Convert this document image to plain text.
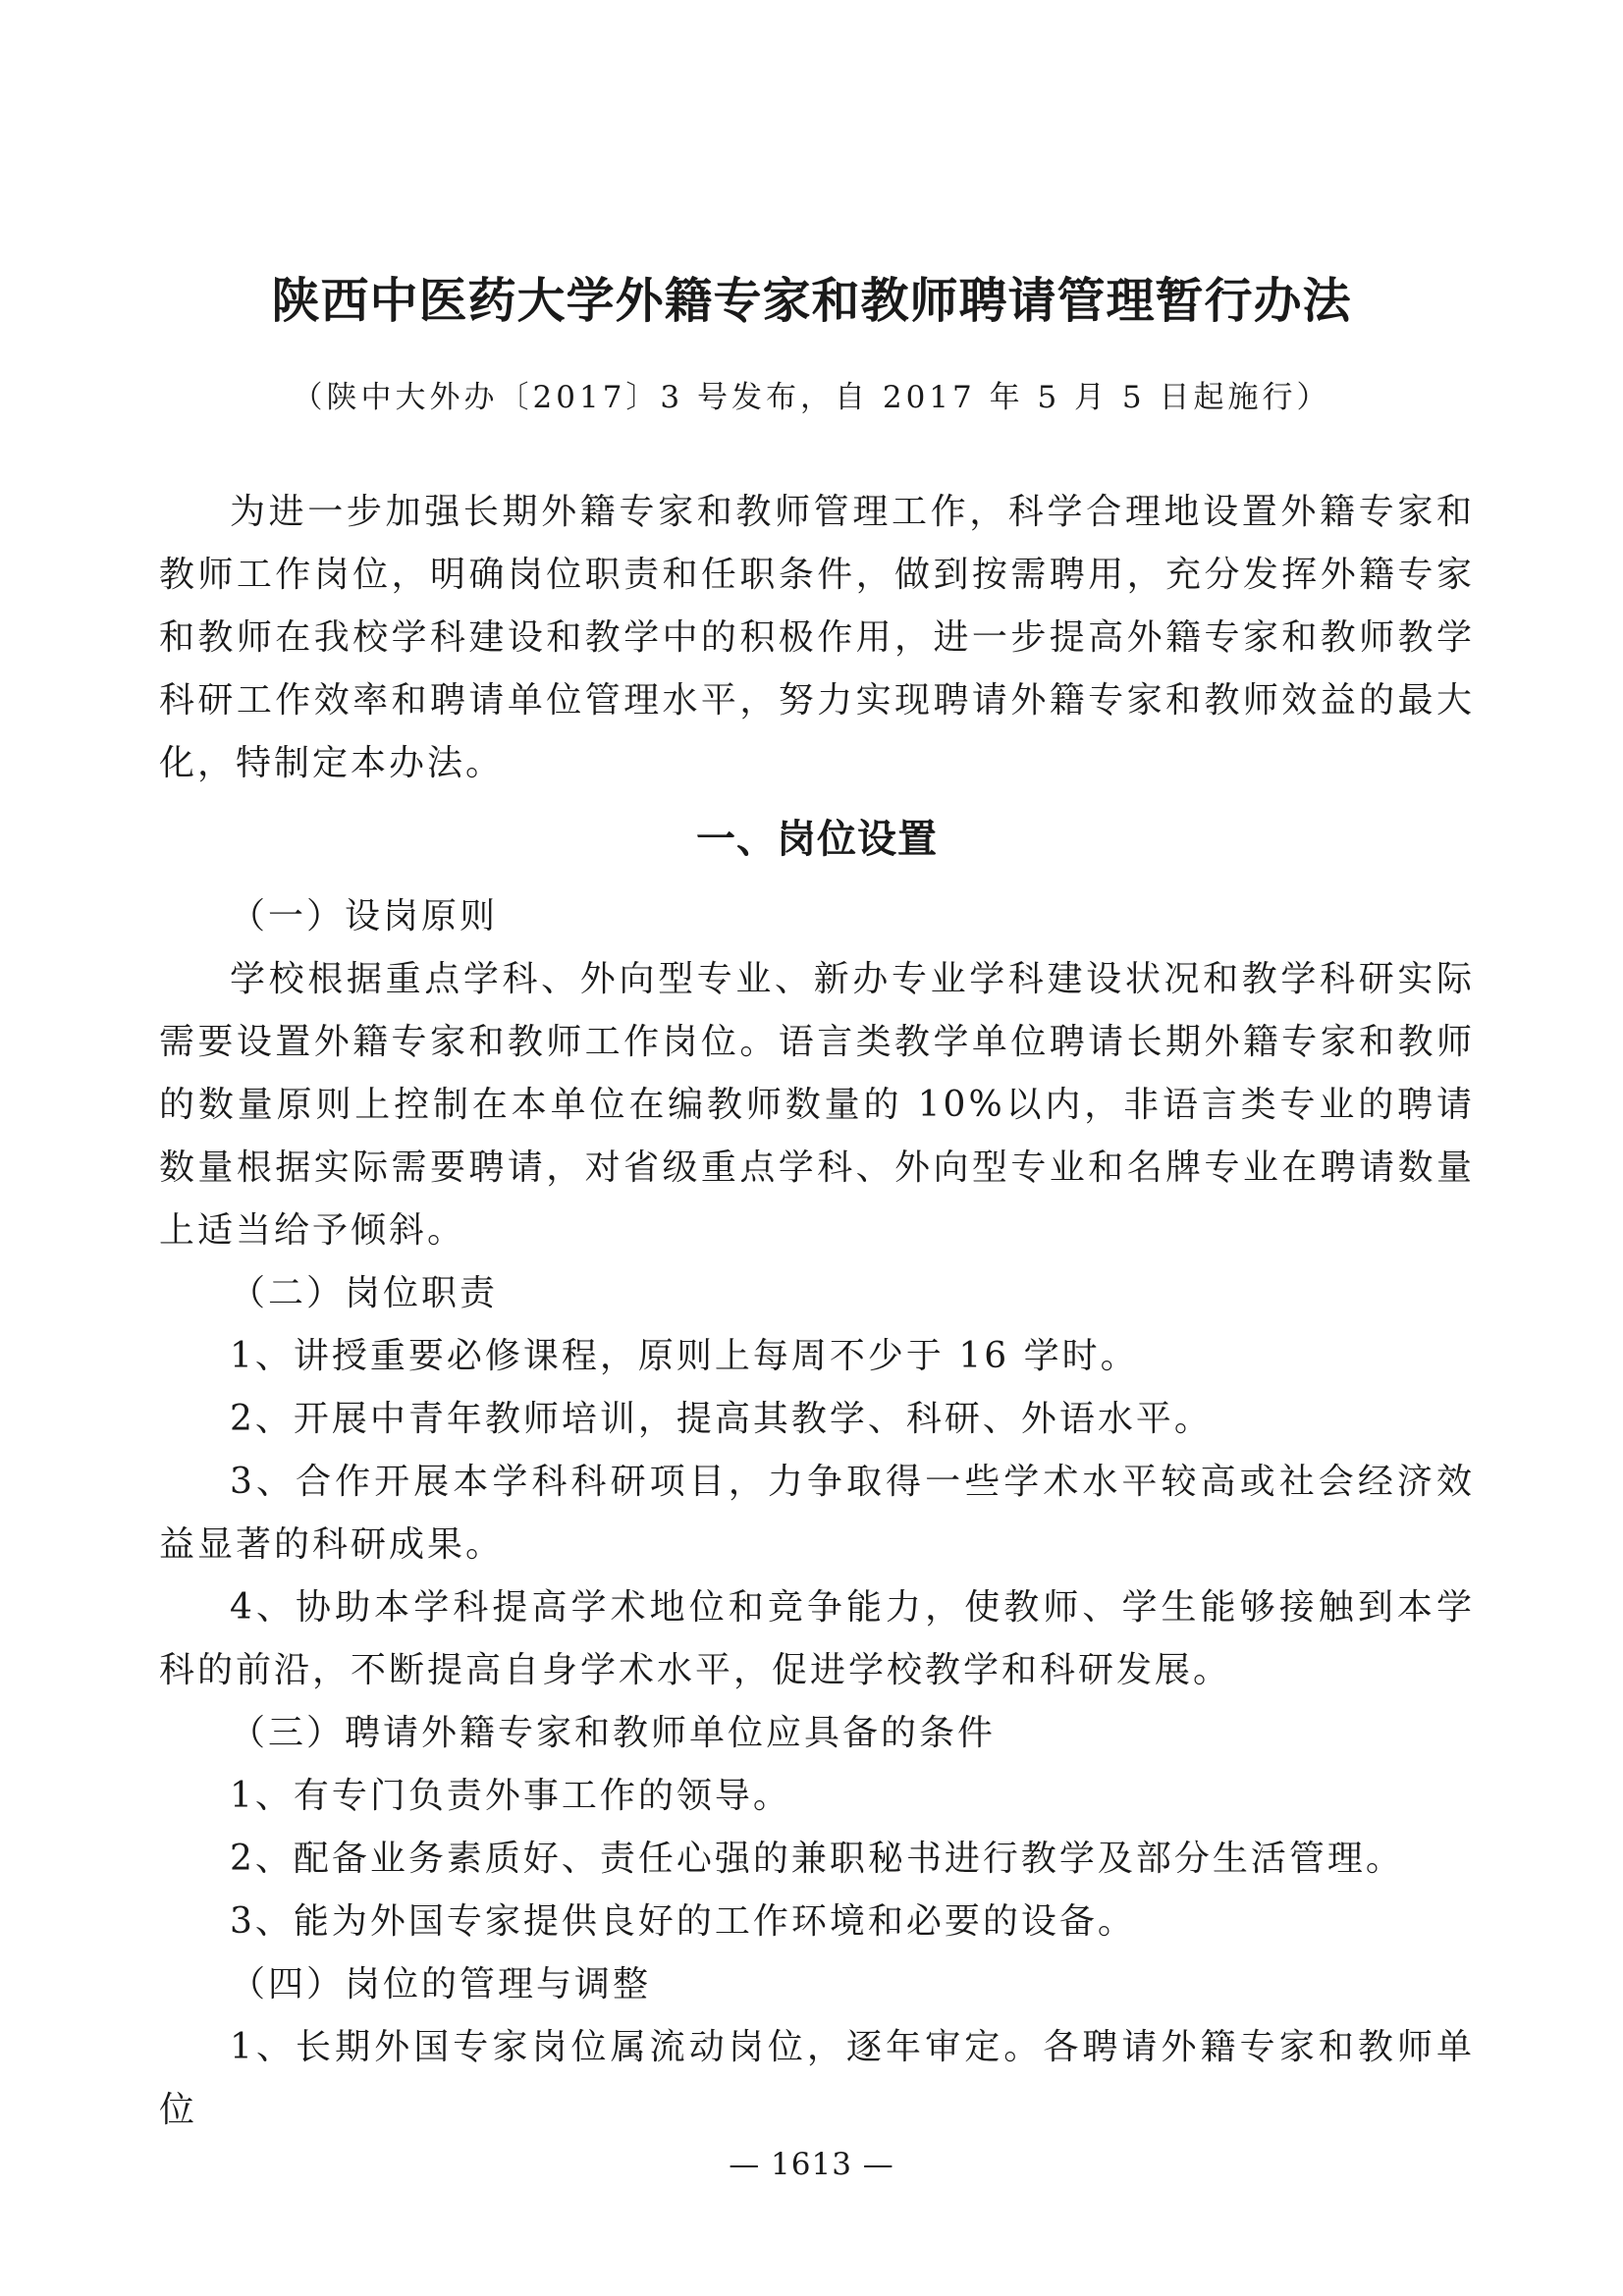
陕西中医药大学外籍专家和教师聘请管理暂行办法
（陕中大外办〔2017〕3 号发布，自 2017 年 5 月 5 日起施行）

为进一步加强长期外籍专家和教师管理工作，科学合理地设置外籍专家和教师工作岗位，明确岗位职责和任职条件，做到按需聘用，充分发挥外籍专家和教师在我校学科建设和教学中的积极作用，进一步提高外籍专家和教师教学科研工作效率和聘请单位管理水平，努力实现聘请外籍专家和教师效益的最大化，特制定本办法。

一、岗位设置

（一）设岗原则

学校根据重点学科、外向型专业、新办专业学科建设状况和教学科研实际需要设置外籍专家和教师工作岗位。语言类教学单位聘请长期外籍专家和教师的数量原则上控制在本单位在编教师数量的 10%以内，非语言类专业的聘请数量根据实际需要聘请，对省级重点学科、外向型专业和名牌专业在聘请数量上适当给予倾斜。

（二）岗位职责

1、讲授重要必修课程，原则上每周不少于 16 学时。

2、开展中青年教师培训，提高其教学、科研、外语水平。

3、合作开展本学科科研项目，力争取得一些学术水平较高或社会经济效益显著的科研成果。

4、协助本学科提高学术地位和竞争能力，使教师、学生能够接触到本学科的前沿，不断提高自身学术水平，促进学校教学和科研发展。

（三）聘请外籍专家和教师单位应具备的条件

1、有专门负责外事工作的领导。

2、配备业务素质好、责任心强的兼职秘书进行教学及部分生活管理。

3、能为外国专家提供良好的工作环境和必要的设备。

（四）岗位的管理与调整

1、长期外国专家岗位属流动岗位，逐年审定。各聘请外籍专家和教师单位

— 1613 —
